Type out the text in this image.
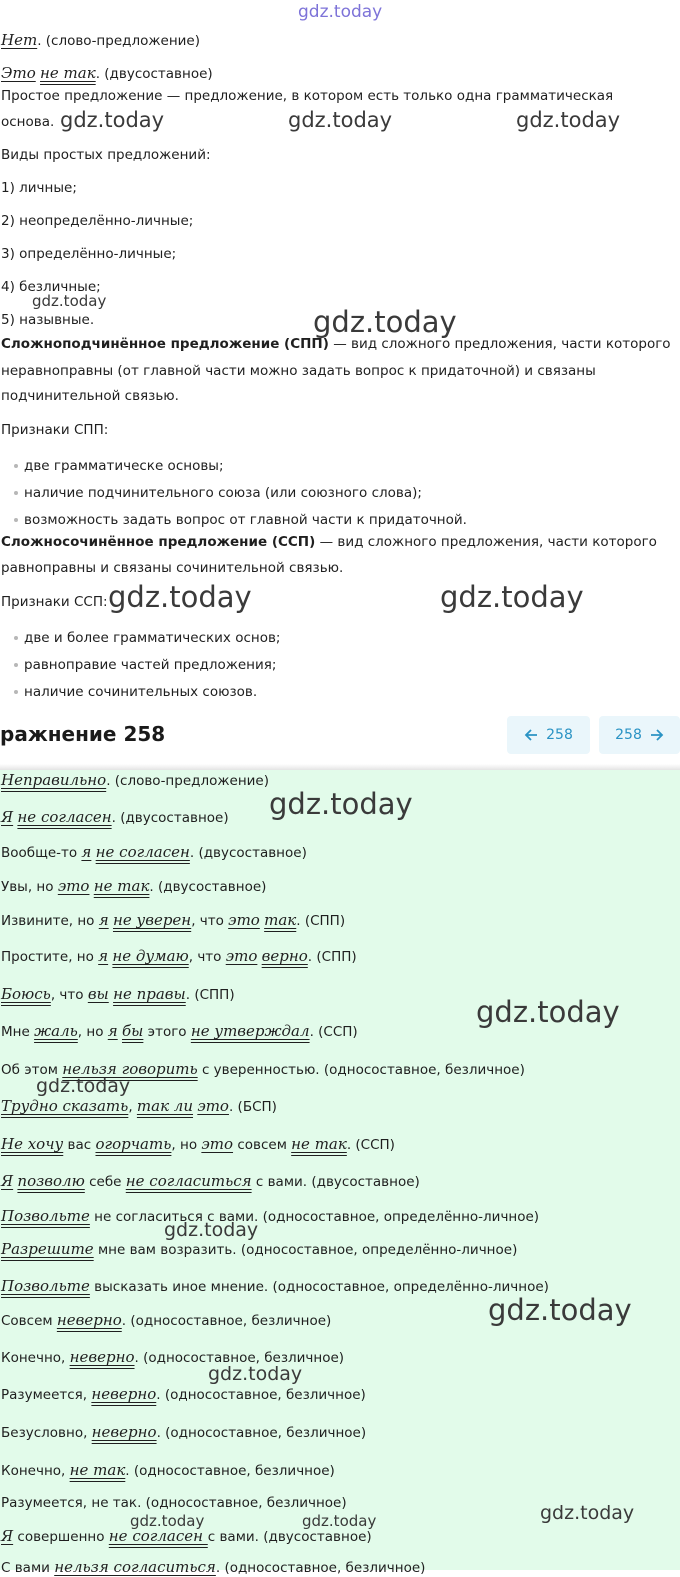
Нет. (слово-предложение)
Это не так. (двусоставное)
Простое предложение — предложение, в котором есть только одна грамматическая
основа.
Виды простых предложений:
1) личные;
2) неопределённо-личные;
3) определённо-личные;
4) безличные;
5) назывные.
Сложноподчинённое предложение (СПП) — вид сложного предложения, части которого
неравноправны (от главной части можно задать вопрос к придаточной) и связаны
подчинительной связью.
Признаки СПП:
две грамматическе основы;
наличие подчинительного союза (или союзного слова);
возможность задать вопрос от главной части к придаточной.
Сложносочинённое предложение (ССП) — вид сложного предложения, части которого
равноправны и связаны сочинительной связью.
Признаки ССП:
две и более грамматических основ;
равноправие частей предложения;
наличие сочинительных союзов.
ражнение 258	258	258
Неправильно. (слово-предложение)
Я не согласен. (двусоставное)
Вообще-то я не согласен. (двусоставное)
Увы, но это не так. (двусоставное)
Извините, но я не уверен, что это так. (СПП)
Простите, но я не думаю, что это верно. (СПП)
Боюсь, что вы не правы. (СПП)
Мне жаль, но я бы этого не утверждал. (ССП)
Об этом нельзя говорить с уверенностью. (односоставное, безличное)
Трудно сказать, так ли это. (БСП)
Не хочу вас огорчать, но это совсем не так. (ССП)
Я позволю себе не согласиться с вами. (двусоставное)
Позвольте не согласиться с вами. (односоставное, определённо-личное)
Разрешите мне вам возразить. (односоставное, определённо-личное)
Позвольте высказать иное мнение. (односоставное, определённо-личное)
Совсем неверно. (односоставное, безличное)
Конечно, неверно. (односоставное, безличное)
Разумеется, неверно. (односоставное, безличное)
Безусловно, неверно. (односоставное, безличное)
Конечно, не так. (односоставное, безличное)
Разумеется, не так. (односоставное, безличное)
Я совершенно не согласен с вами. (двусоставное)
С вами нельзя согласиться. (односоставное, безличное)
gdz.today
gdz.today	gdz.today	gdz.today
gdz.today
gdz.today
gdz.today	gdz.today
gdz.today
gdz.today
gdz.today
gdz.today
gdz.today
gdz.today
gdz.today
gdz.today	gdz.today
